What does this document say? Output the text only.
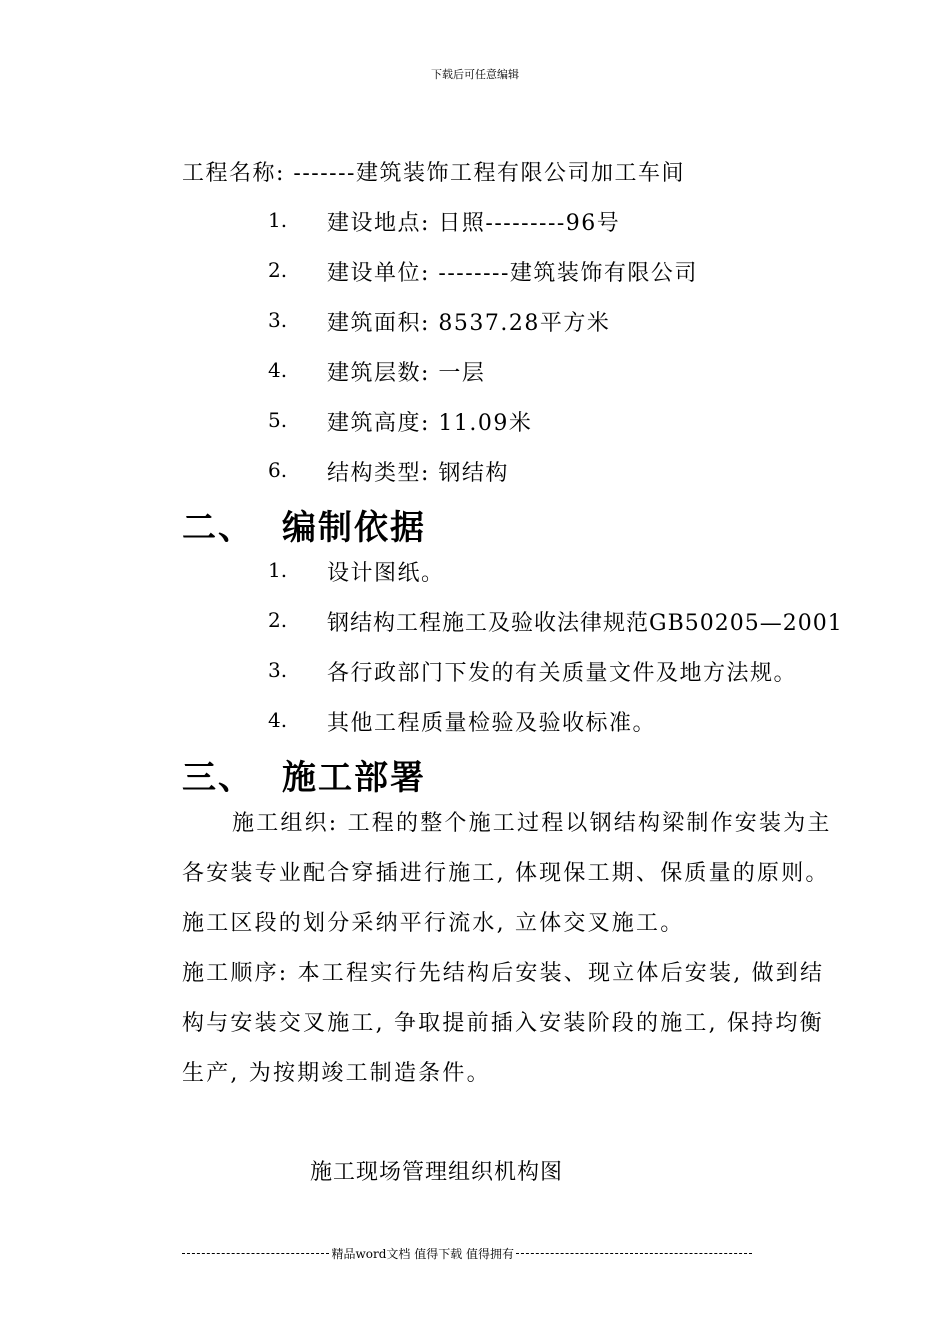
下载后可任意编辑
工程名称: -------建筑装饰工程有限公司加工车间
1. 建设地点: 日照---------96号
2. 建设单位: --------建筑装饰有限公司
3. 建筑面积: 8537.28平方米
4. 建筑层数: 一层
5. 建筑高度: 11.09米
6. 结构类型: 钢结构
二、 编制依据
1. 设计图纸。
2. 钢结构工程施工及验收法律规范GB50205—2001
3. 各行政部门下发的有关质量文件及地方法规。
4. 其他工程质量检验及验收标准。
三、 施工部署
施工组织: 工程的整个施工过程以钢结构梁制作安装为主
各安装专业配合穿插进行施工, 体现保工期、保质量的原则。
施工区段的划分采纳平行流水, 立体交叉施工。
施工顺序: 本工程实行先结构后安装、现立体后安装, 做到结
构与安装交叉施工, 争取提前插入安装阶段的施工, 保持均衡
生产, 为按期竣工制造条件。
施工现场管理组织机构图
精品word文档 值得下载 值得拥有
